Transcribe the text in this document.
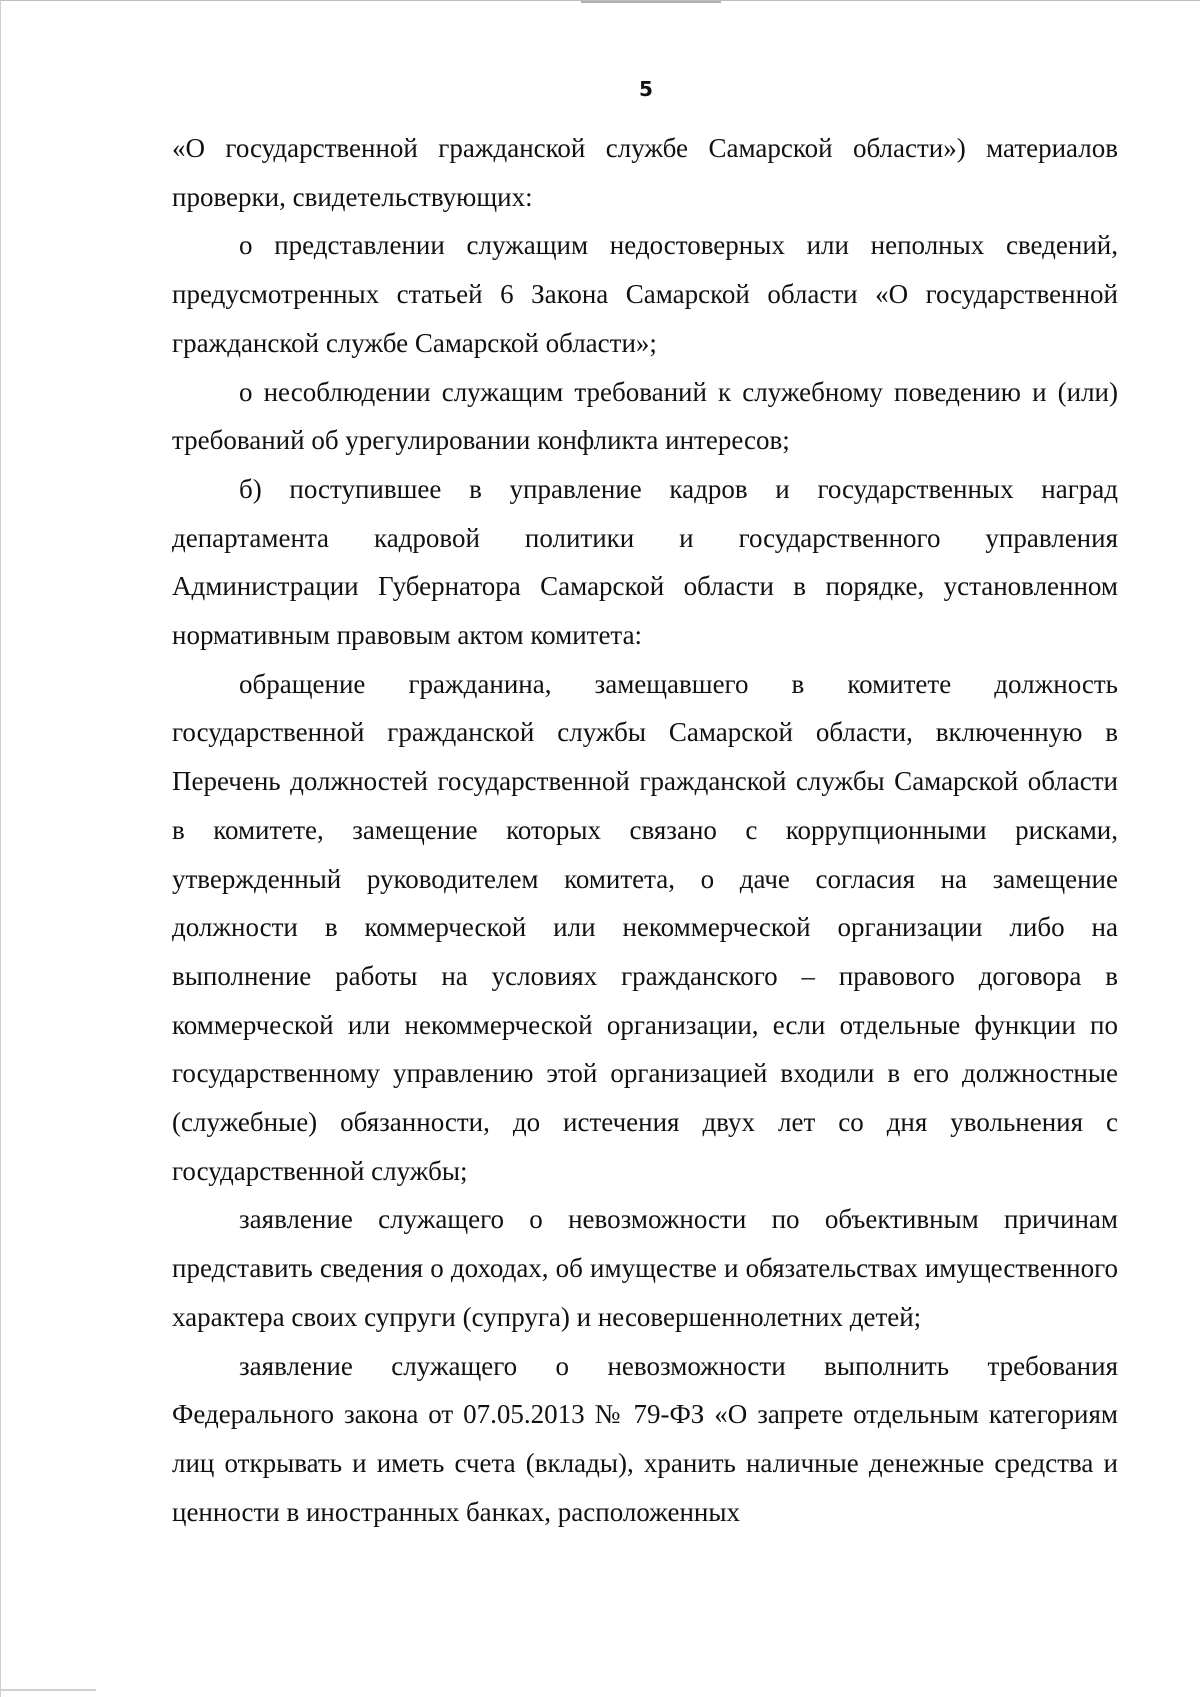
5

«О государственной гражданской службе Самарской области») материалов проверки, свидетельствующих:

о представлении служащим недостоверных или неполных сведений, предусмотренных статьей 6 Закона Самарской области «О государственной гражданской службе Самарской области»;

о несоблюдении служащим требований к служебному поведению и (или) требований об урегулировании конфликта интересов;

б) поступившее в управление кадров и государственных наград департамента кадровой политики и государственного управления Администрации Губернатора Самарской области в порядке, установленном нормативным правовым актом комитета:

обращение гражданина, замещавшего в комитете должность государственной гражданской службы Самарской области, включенную в Перечень должностей государственной гражданской службы Самарской области в комитете, замещение которых связано с коррупционными рисками, утвержденный руководителем комитета, о даче согласия на замещение должности в коммерческой или некоммерческой организации либо на выполнение работы на условиях гражданского – правового договора в коммерческой или некоммерческой организации, если отдельные функции по государственному управлению этой организацией входили в его должностные (служебные) обязанности, до истечения двух лет со дня увольнения с государственной службы;

заявление служащего о невозможности по объективным причинам представить сведения о доходах, об имуществе и обязательствах имущественного характера своих супруги (супруга) и несовершеннолетних детей;

заявление служащего о невозможности выполнить требования Федерального закона от 07.05.2013 № 79-ФЗ «О запрете отдельным категориям лиц открывать и иметь счета (вклады), хранить наличные денежные средства и ценности в иностранных банках, расположенных
